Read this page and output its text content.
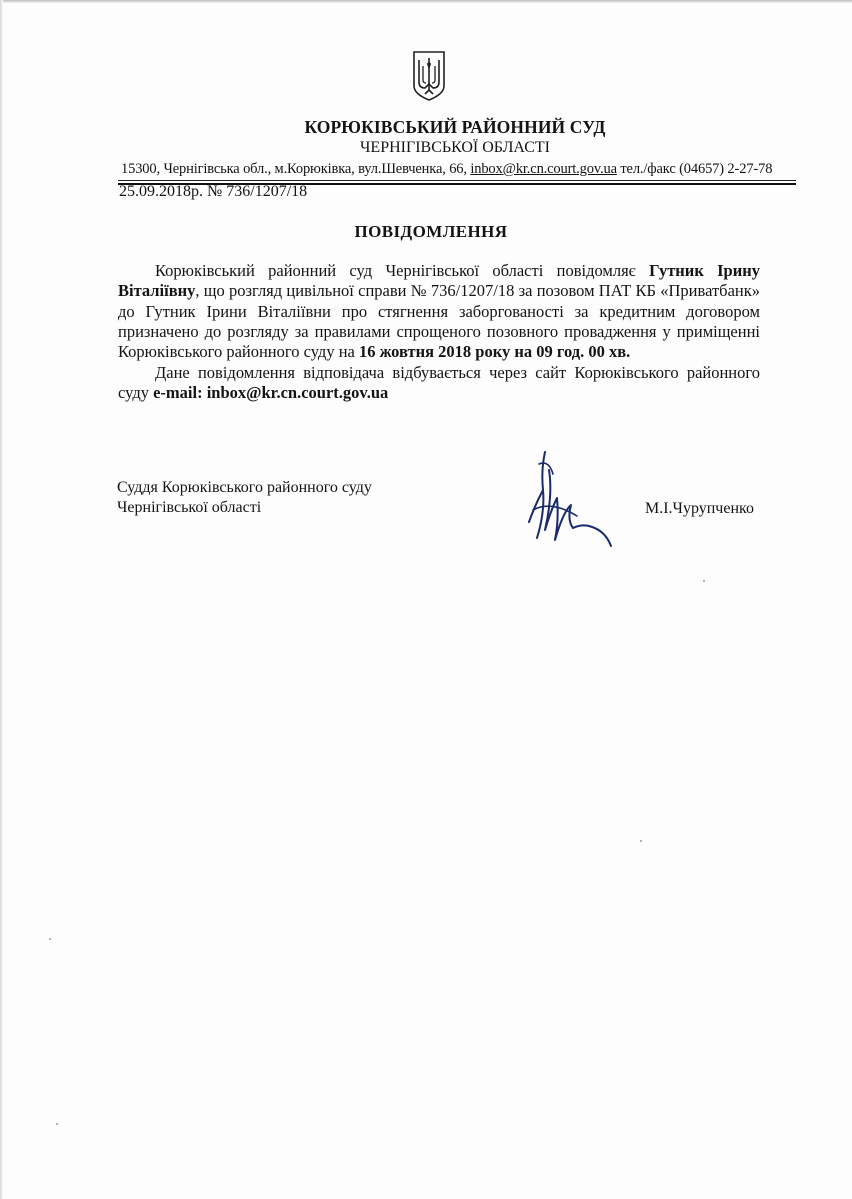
КОРЮКІВСЬКИЙ РАЙОННИЙ СУД
ЧЕРНІГІВСЬКОЇ ОБЛАСТІ
15300, Чернігівська обл., м.Корюківка, вул.Шевченка, 66, inbox@kr.cn.court.gov.ua тел./факс (04657) 2-27-78
25.09.2018р. № 736/1207/18
ПОВІДОМЛЕННЯ
Корюківський районний суд Чернігівської області повідомляє Гутник Ірину Віталіївну, що розгляд цивільної справи № 736/1207/18 за позовом ПАТ КБ «Приватбанк» до Гутник Ірини Віталіївни про стягнення заборгованості за кредитним договором призначено до розгляду за правилами спрощеного позовного провадження у приміщенні Корюківського районного суду на 16 жовтня 2018 року на 09 год. 00 хв.
Дане повідомлення відповідача відбувається через сайт Корюківського районного суду e-mail: inbox@kr.cn.court.gov.ua
Суддя Корюківського районного суду
Чернігівської області	М.І.Чурупченко
